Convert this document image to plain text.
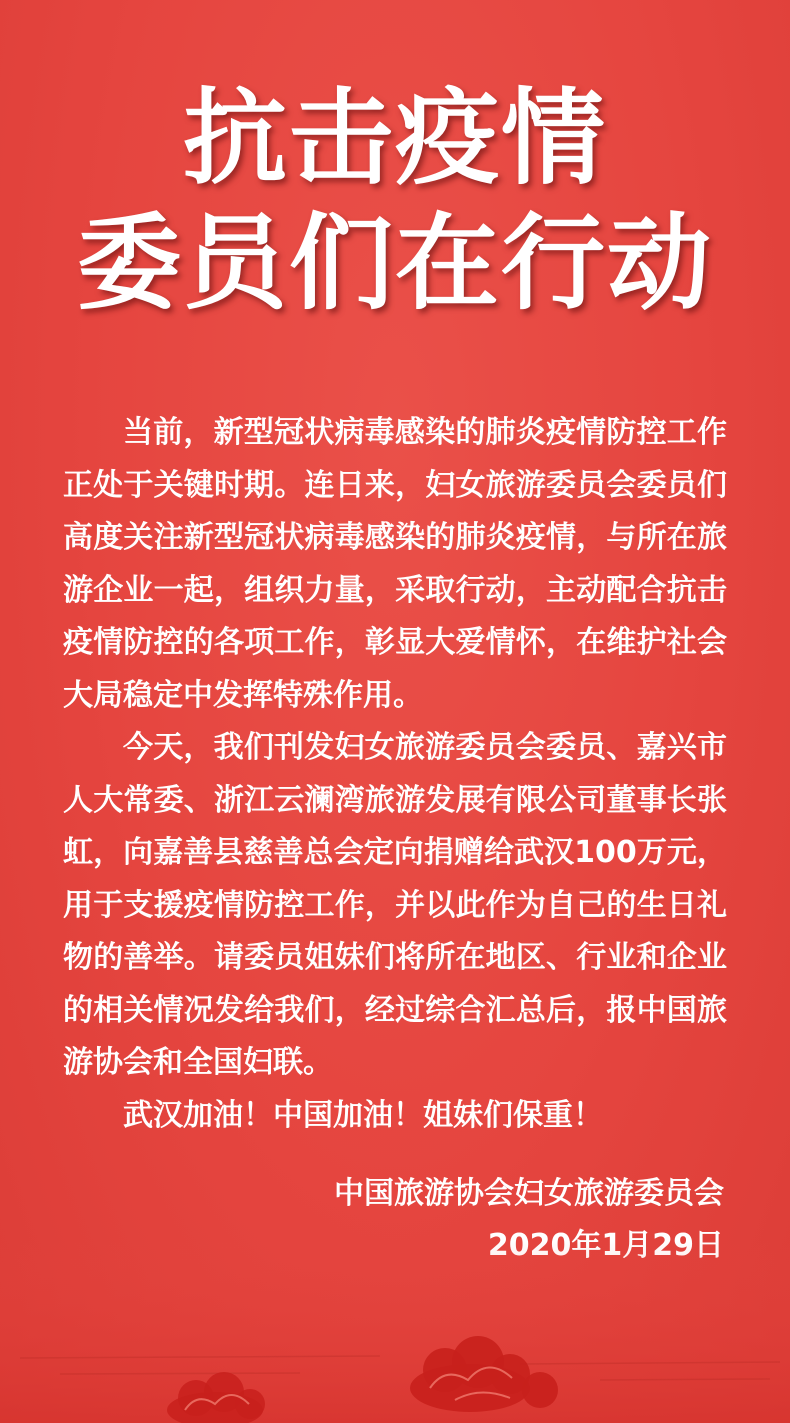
抗击疫情
委员们在行动

当前，新型冠状病毒感染的肺炎疫情防控工作正处于关键时期。连日来，妇女旅游委员会委员们高度关注新型冠状病毒感染的肺炎疫情，与所在旅游企业一起，组织力量，采取行动，主动配合抗击疫情防控的各项工作，彰显大爱情怀，在维护社会大局稳定中发挥特殊作用。

今天，我们刊发妇女旅游委员会委员、嘉兴市人大常委、浙江云澜湾旅游发展有限公司董事长张虹，向嘉善县慈善总会定向捐赠给武汉100万元，用于支援疫情防控工作，并以此作为自己的生日礼物的善举。请委员姐妹们将所在地区、行业和企业的相关情况发给我们，经过综合汇总后，报中国旅游协会和全国妇联。

武汉加油！中国加油！姐妹们保重！

中国旅游协会妇女旅游委员会
